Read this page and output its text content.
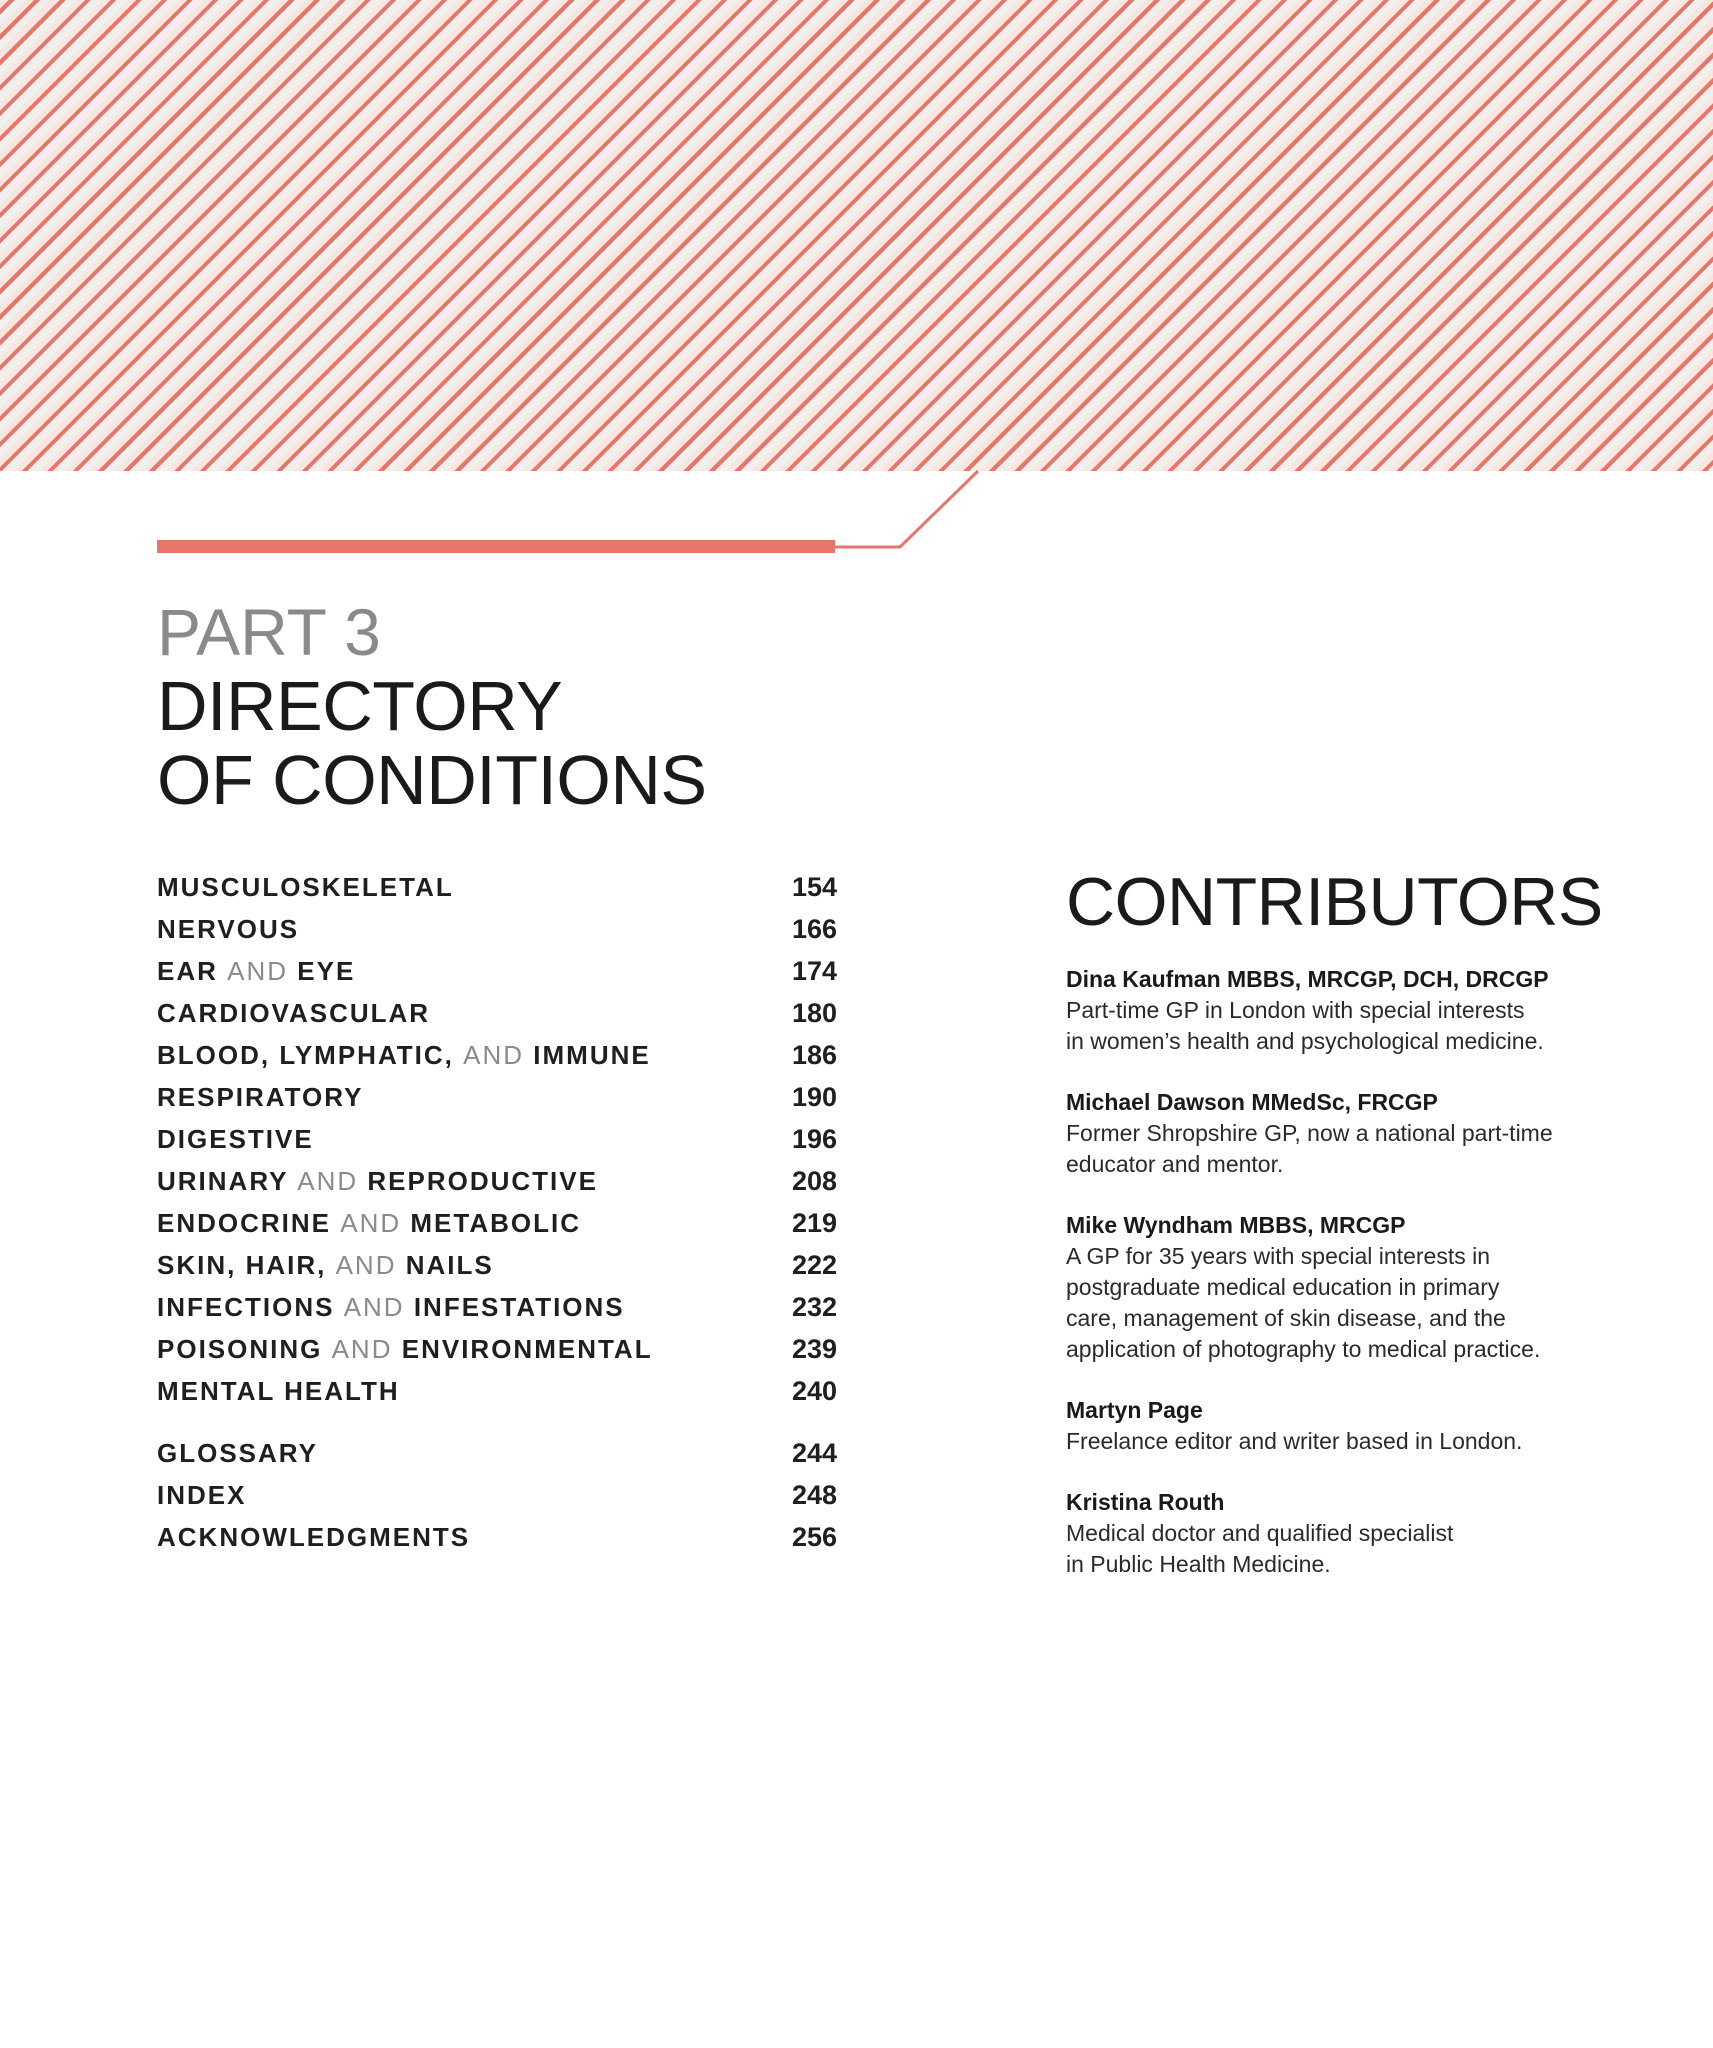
PART 3
DIRECTORY
OF CONDITIONS
MUSCULOSKELETAL	154
NERVOUS	166
EAR AND EYE	174
CARDIOVASCULAR	180
BLOOD, LYMPHATIC, AND IMMUNE	186
RESPIRATORY	190
DIGESTIVE	196
URINARY AND REPRODUCTIVE	208
ENDOCRINE AND METABOLIC	219
SKIN, HAIR, AND NAILS	222
INFECTIONS AND INFESTATIONS	232
POISONING AND ENVIRONMENTAL	239
MENTAL HEALTH	240
GLOSSARY	244
INDEX	248
ACKNOWLEDGMENTS	256
CONTRIBUTORS
Dina Kaufman MBBS, MRCGP, DCH, DRCGP
Part-time GP in London with special interests
in women’s health and psychological medicine.
Michael Dawson MMedSc, FRCGP
Former Shropshire GP, now a national part-time
educator and mentor.
Mike Wyndham MBBS, MRCGP
A GP for 35 years with special interests in
postgraduate medical education in primary
care, management of skin disease, and the
application of photography to medical practice.
Martyn Page
Freelance editor and writer based in London.
Kristina Routh
Medical doctor and qualified specialist
in Public Health Medicine.
